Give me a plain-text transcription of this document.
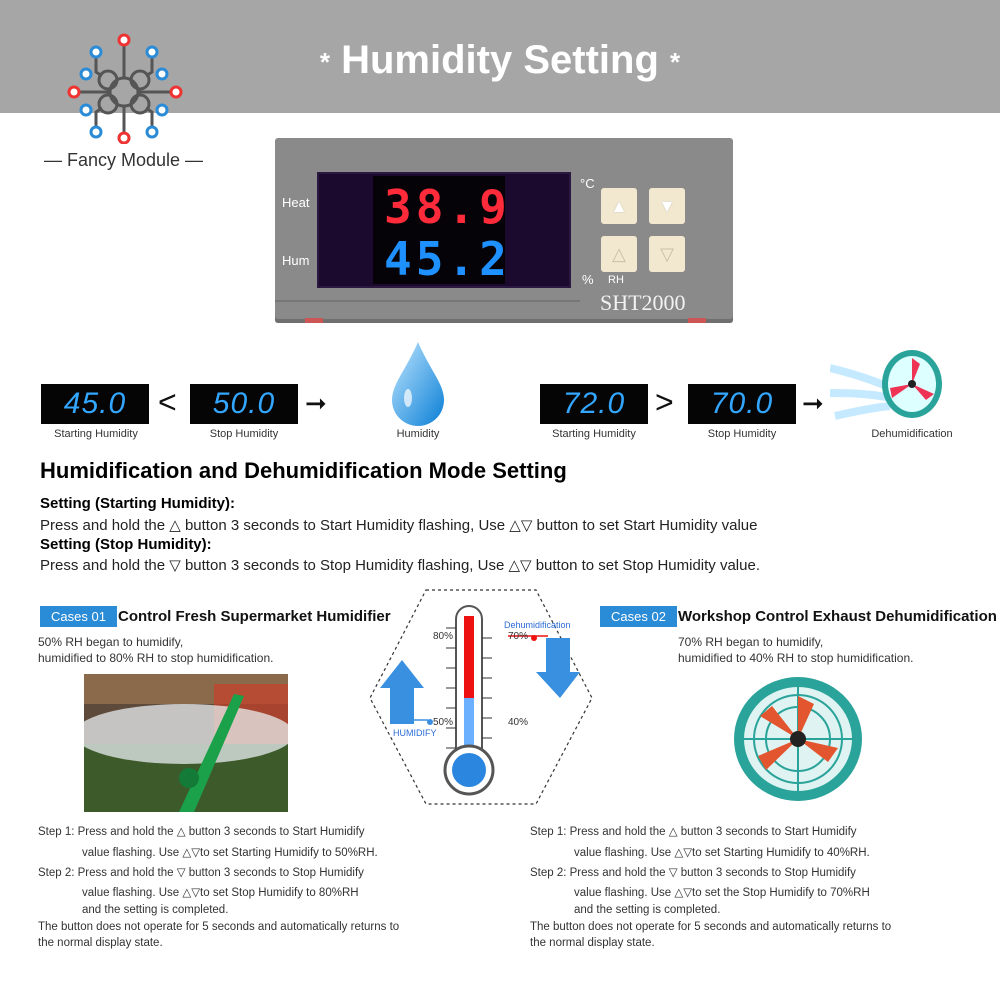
* Humidity Setting *
— Fancy Module —
Heat
Hum
38.9
45.2
°C
% RH
▲	▼
△	▽
SHT2000
45.0 <	50.0	➞
Starting Humidity	Stop Humidity	Humidity
72.0 >	70.0	➞
Starting Humidity	Stop Humidity	Dehumidification
Humidification and Dehumidification Mode Setting
Setting (Starting Humidity):
Press and hold the △ button 3 seconds to Start Humidity flashing, Use △▽ button to set Start Humidity value
Setting (Stop Humidity):
Press and hold the ▽ button 3 seconds to Stop Humidity flashing, Use △▽ button to set Stop Humidity value.
Cases 01 Control Fresh Supermarket Humidifier
50% RH began to humidify,
humidified to 80% RH to stop humidification.
Step 1: Press and hold the △ button 3 seconds to Start Humidify
value flashing. Use △▽to set Starting Humidify to 50%RH.
Step 2: Press and hold the ▽ button 3 seconds to Stop Humidify
value flashing. Use △▽to set Stop Humidify to 80%RH
and the setting is completed.
The button does not operate for 5 seconds and automatically returns to
the normal display state.
80%	70%
Dehumidification
50%	40%
HUMIDIFY
Cases 02 Workshop Control Exhaust Dehumidification
70% RH began to humidify,
humidified to 40% RH to stop humidification.
Step 1: Press and hold the △ button 3 seconds to Start Humidify
value flashing. Use △▽to set Starting Humidify to 40%RH.
Step 2: Press and hold the ▽ button 3 seconds to Stop Humidify
value flashing. Use △▽to set the Stop Humidify to 70%RH
and the setting is completed.
The button does not operate for 5 seconds and automatically returns to
the normal display state.
